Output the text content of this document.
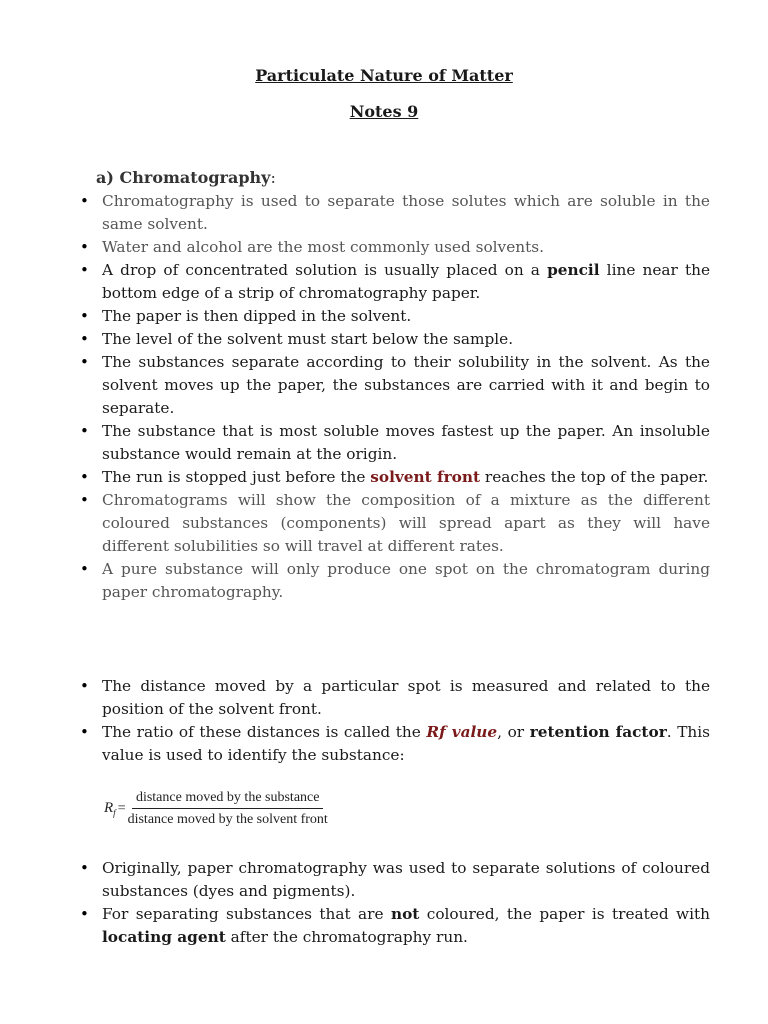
Particulate Nature of Matter
Notes 9
a) Chromatography:
• Chromatography is used to separate those solutes which are soluble in the same solvent.
• Water and alcohol are the most commonly used solvents.
• A drop of concentrated solution is usually placed on a pencil line near the bottom edge of a strip of chromatography paper.
• The paper is then dipped in the solvent.
• The level of the solvent must start below the sample.
• The substances separate according to their solubility in the solvent. As the solvent moves up the paper, the substances are carried with it and begin to separate.
• The substance that is most soluble moves fastest up the paper. An insoluble substance would remain at the origin.
• The run is stopped just before the solvent front reaches the top of the paper.
• Chromatograms will show the composition of a mixture as the different coloured substances (components) will spread apart as they will have different solubilities so will travel at different rates.
• A pure substance will only produce one spot on the chromatogram during paper chromatography.
• The distance moved by a particular spot is measured and related to the position of the solvent front.
• The ratio of these distances is called the Rf value, or retention factor. This value is used to identify the substance:
$R_f = \frac{\text{distance moved by the substance}}{\text{distance moved by the solvent front}}$
• Originally, paper chromatography was used to separate solutions of coloured substances (dyes and pigments).
• For separating substances that are not coloured, the paper is treated with locating agent after the chromatography run.
